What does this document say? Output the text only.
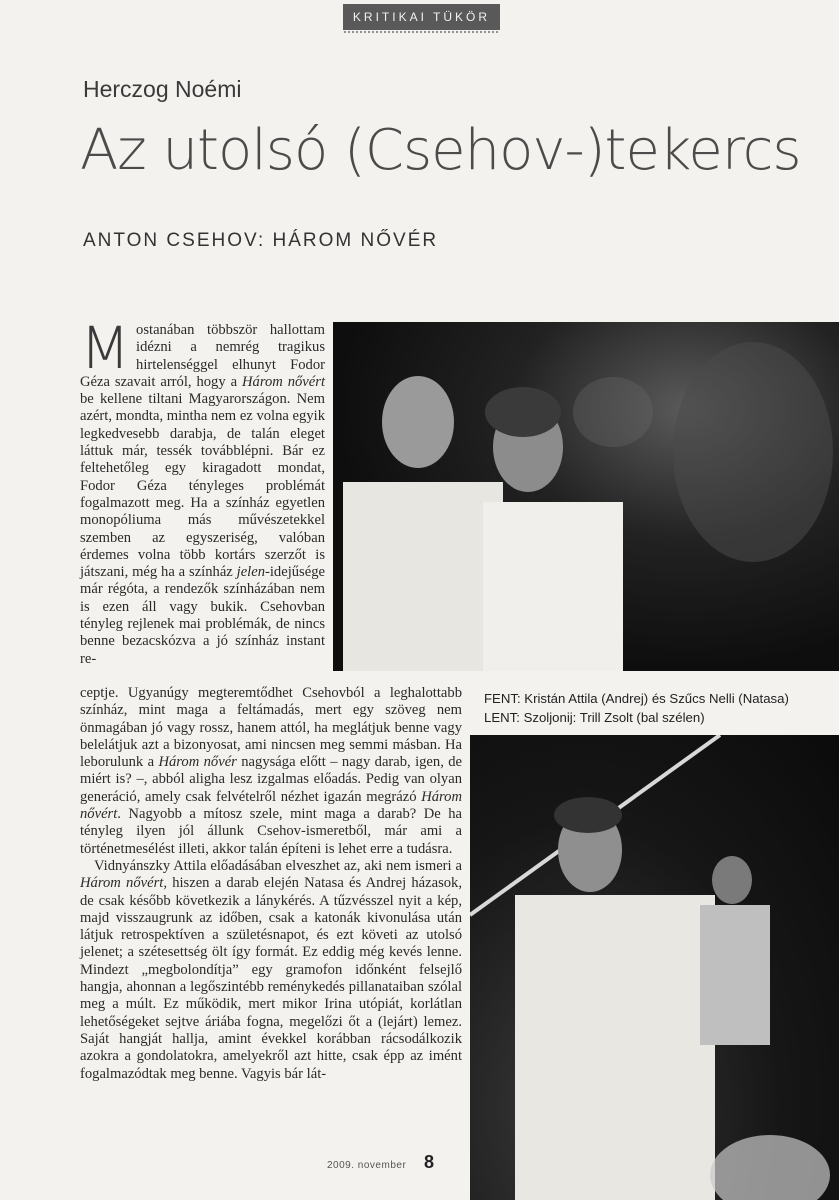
KRITIKAI TÜKÖR
Herczog Noémi
Az utolsó (Csehov-)tekercs
ANTON CSEHOV: HÁROM NŐVÉR

Mostanában többször hallottam idézni a nemrég tragikus hirtelenséggel elhunyt Fodor Géza szavait arról, hogy a Három nővért be kellene tiltani Magyarországon. Nem azért, mondta, mintha nem ez volna egyik legkedvesebb darabja, de talán eleget láttuk már, tessék továbblépni. Bár ez feltehetőleg egy kiragadott mondat, Fodor Géza tényleges problémát fogalmazott meg. Ha a színház egyetlen monopóliuma más művészetekkel szemben az egyszeriség, valóban érdemes volna több kortárs szerzőt is játszani, még ha a színház jelen-idejűsége már régóta, a rendezők színházában nem is ezen áll vagy bukik. Csehovban tényleg rejlenek mai problémák, de nincs benne bezacskózva a jó színház instant re-

FENT: Kristán Attila (Andrej) és Szűcs Nelli (Natasa)
LENT: Szoljonij: Trill Zsolt (bal szélen)

ceptje. Ugyanúgy megteremtődhet Csehovból a leghalottabb színház, mint maga a feltámadás, mert egy szöveg nem önmagában jó vagy rossz, hanem attól, ha meglátjuk benne vagy belelátjuk azt a bizonyosat, ami nincsen meg semmi másban. Ha leborulunk a Három nővér nagysága előtt – nagy darab, igen, de miért is? –, abból aligha lesz izgalmas előadás. Pedig van olyan generáció, amely csak felvételről nézhet igazán megrázó Három nővért. Nagyobb a mítosz szele, mint maga a darab? De ha tényleg ilyen jól állunk Csehov-ismeretből, már ami a történetmesélést illeti, akkor talán építeni is lehet erre a tudásra.

Vidnyánszky Attila előadásában elveszhet az, aki nem ismeri a Három nővért, hiszen a darab elején Natasa és Andrej házasok, de csak később következik a lánykérés. A tűzvésszel nyit a kép, majd visszaugrunk az időben, csak a katonák kivonulása után látjuk retrospektíven a születésnapot, és ezt követi az utolsó jelenet; a szétesettség ölt így formát. Ez eddig még kevés lenne. Mindezt „megbolondítja” egy gramofon időnként felsejlő hangja, ahonnan a legőszintébb reménykedés pillanataiban szólal meg a múlt. Ez működik, mert mikor Irina utópiát, korlátlan lehetőségeket sejtve áriába fogna, megelőzi őt a (lejárt) lemez. Saját hangját hallja, amint évekkel korábban rácsodálkozik azokra a gondolatokra, amelyekről azt hitte, csak épp az imént fogalmazódtak meg benne. Vagyis bár lát-

2009. november 8
